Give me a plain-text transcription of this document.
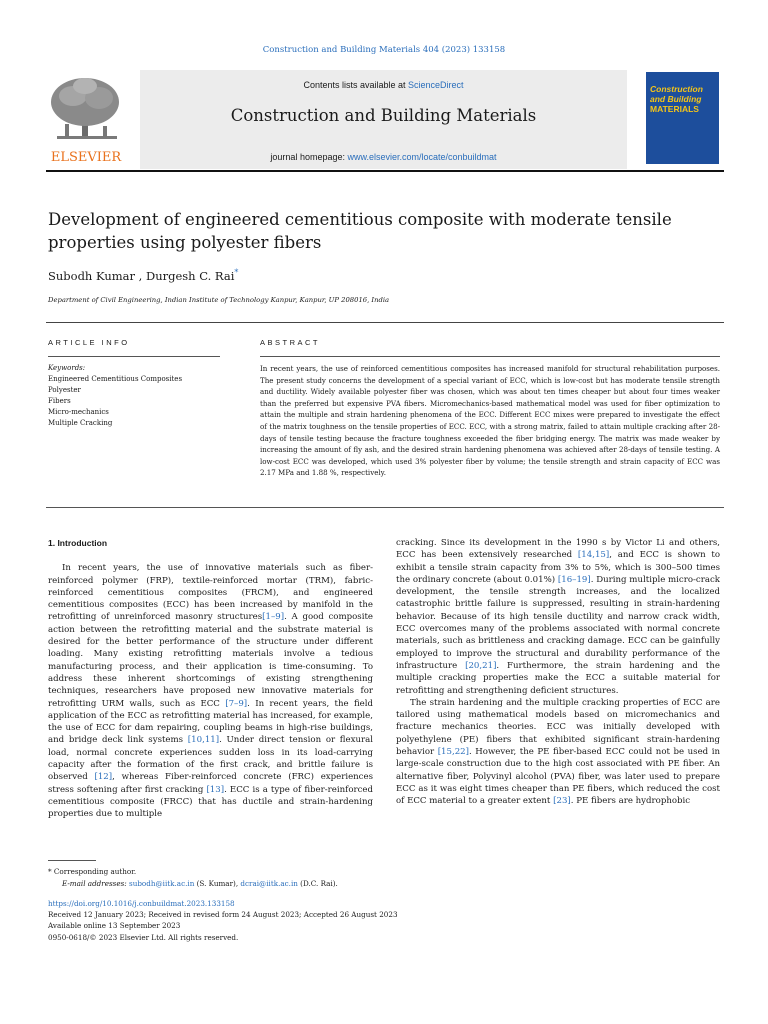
Construction and Building Materials 404 (2023) 133158
ELSEVIER
Contents lists available at ScienceDirect
Construction and Building Materials
journal homepage: www.elsevier.com/locate/conbuildmat
Construction
and Building
MATERIALS
Development of engineered cementitious composite with moderate tensile properties using polyester fibers
Subodh Kumar , Durgesh C. Rai*
Department of Civil Engineering, Indian Institute of Technology Kanpur, Kanpur, UP 208016, India
ARTICLE INFO
Keywords:
Engineered Cementitious Composites
Polyester
Fibers
Micro-mechanics
Multiple Cracking
ABSTRACT
In recent years, the use of reinforced cementitious composites has increased manifold for structural rehabilitation purposes. The present study concerns the development of a special variant of ECC, which is low-cost but has moderate tensile strength and ductility. Widely available polyester fiber was chosen, which was about ten times cheaper but about four times weaker than the preferred but expensive PVA fibers. Micromechanics-based mathematical model was used for fiber optimization to attain the multiple and strain hardening phenomena of the ECC. Different ECC mixes were prepared to investigate the effect of the matrix toughness on the tensile properties of ECC. ECC, with a strong matrix, failed to attain multiple cracking after 28-days of tensile testing because the fracture toughness exceeded the fiber bridging energy. The matrix was made weaker by increasing the amount of fly ash, and the desired strain hardening phenomena was achieved after 28-days of tensile testing. A low-cost ECC was developed, which used 3% polyester fiber by volume; the tensile strength and strain capacity of ECC was 2.17 MPa and 1.88 %, respectively.
1. Introduction

In recent years, the use of innovative materials such as fiber-reinforced polymer (FRP), textile-reinforced mortar (TRM), fabric-reinforced cementitious composites (FRCM), and engineered cementitious composites (ECC) has been increased by manifold in the retrofitting of unreinforced masonry structures[1–9]. A good composite action between the retrofitting material and the substrate material is desired for the better performance of the structure under different loading. Many existing retrofitting materials involve a tedious manufacturing process, and their application is time-consuming. To address these inherent shortcomings of existing strengthening techniques, researchers have proposed new innovative materials for retrofitting URM walls, such as ECC [7–9]. In recent years, the field application of the ECC as retrofitting material has increased, for example, the use of ECC for dam repairing, coupling beams in high-rise buildings, and bridge deck link systems [10,11]. Under direct tension or flexural load, normal concrete experiences sudden loss in its load-carrying capacity after the formation of the first crack, and brittle failure is observed [12], whereas Fiber-reinforced concrete (FRC) experiences stress softening after first cracking [13]. ECC is a type of fiber-reinforced cementitious composite (FRCC) that has ductile and strain-hardening properties due to multiple

cracking. Since its development in the 1990 s by Victor Li and others, ECC has been extensively researched [14,15], and ECC is shown to exhibit a tensile strain capacity from 3% to 5%, which is 300–500 times the ordinary concrete (about 0.01%) [16–19]. During multiple micro-crack development, the tensile strength increases, and the localized catastrophic brittle failure is suppressed, resulting in strain-hardening behavior. Because of its high tensile ductility and narrow crack width, ECC overcomes many of the problems associated with normal concrete materials, such as brittleness and cracking damage. ECC can be gainfully employed to improve the structural and durability performance of the infrastructure [20,21]. Furthermore, the strain hardening and the multiple cracking properties make the ECC a suitable material for retrofitting and strengthening deficient structures.

The strain hardening and the multiple cracking properties of ECC are tailored using mathematical models based on micromechanics and fracture mechanics theories. ECC was initially developed with polyethylene (PE) fibers that exhibited significant strain-hardening behavior [15,22]. However, the PE fiber-based ECC could not be used in large-scale construction due to the high cost associated with PE fiber. An alternative fiber, Polyvinyl alcohol (PVA) fiber, was later used to prepare ECC as it was eight times cheaper than PE fibers, which reduced the cost of ECC material to a greater extent [23]. PE fibers are hydrophobic

* Corresponding author.
E-mail addresses: subodh@iitk.ac.in (S. Kumar), dcrai@iitk.ac.in (D.C. Rai).
https://doi.org/10.1016/j.conbuildmat.2023.133158
Received 12 January 2023; Received in revised form 24 August 2023; Accepted 26 August 2023
Available online 13 September 2023
0950-0618/© 2023 Elsevier Ltd. All rights reserved.
